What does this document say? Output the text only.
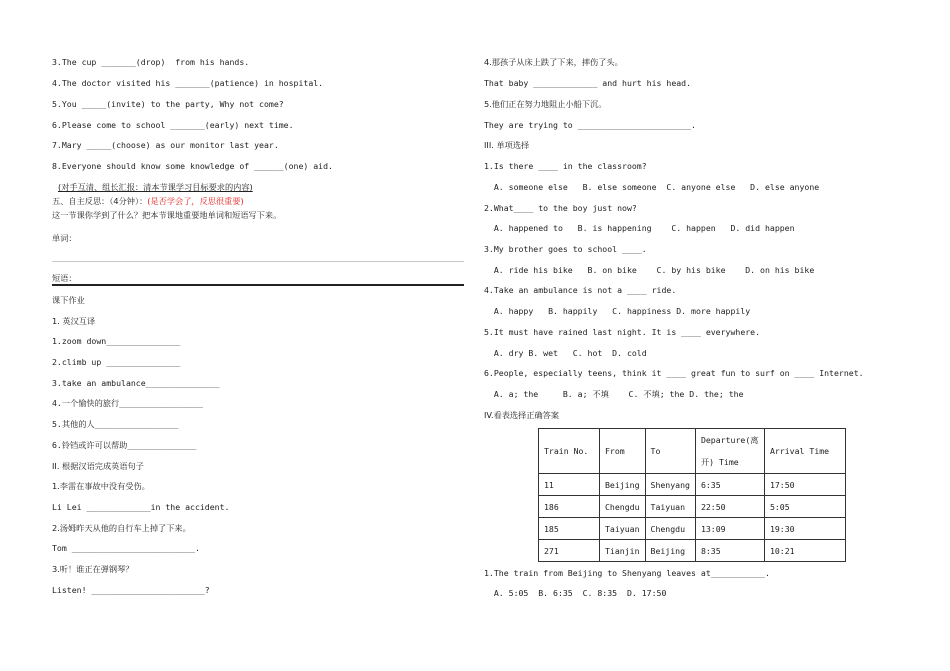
3.The cup _______(drop)  from his hands.
4.The doctor visited his _______(patience) in hospital.
5.You _____(invite) to the party, Why not come?
6.Please come to school _______(early) next time.
7.Mary _____(choose) as our monitor last year.
8.Everyone should know some knowledge of ______(one) aid.
(对手互清、组长汇报：清本节课学习目标要求的内容)
五、自主反思：（4分钟）：(是否学会了，反思很重要)
这一节课你学到了什么？把本节课地重要地单词和短语写下来。
单词：
短语：
课下作业
1. 英汉互译
1.zoom down_______________
2.climb up _______________
3.take an ambulance_______________
4.一个愉快的旅行_________________
5.其他的人_________________
6.铃铛或许可以帮助______________
II. 根据汉语完成英语句子
1.李雷在事故中没有受伤。
Li Lei _____________in the accident.
2.汤姆昨天从他的自行车上掉了下来。
Tom _________________________.
3.听！谁正在弹钢琴？
Listen! _______________________?
4.那孩子从床上跌了下来，摔伤了头。
That baby _____________ and hurt his head.
5.他们正在努力地阻止小船下沉。
They are trying to _______________________.
III. 单项选择
1.Is there ____ in the classroom?
A. someone else   B. else someone  C. anyone else   D. else anyone
2.What____ to the boy just now?
A. happened to   B. is happening    C. happen   D. did happen
3.My brother goes to school ____.
A. ride his bike   B. on bike    C. by his bike    D. on his bike
4.Take an ambulance is not a ____ ride.
A. happy   B. happily   C. happiness D. more happily
5.It must have rained last night. It is ____ everywhere.
A. dry B. wet   C. hot  D. cold
6.People, especially teens, think it ____ great fun to surf on ____ Internet.
A. a; the     B. a; 不填    C. 不填; the D. the; the
IV.看表选择正确答案
Train No.	From	To	Departure(离开) Time	Arrival Time
11	Beijing	Shenyang	6:35	17:50
186	Chengdu	Taiyuan	22:50	5:05
185	Taiyuan	Chengdu	13:09	19:30
271	Tianjin	Beijing	8:35	10:21
1.The train from Beijing to Shenyang leaves at___________.
A. 5:05  B. 6:35  C. 8:35  D. 17:50
